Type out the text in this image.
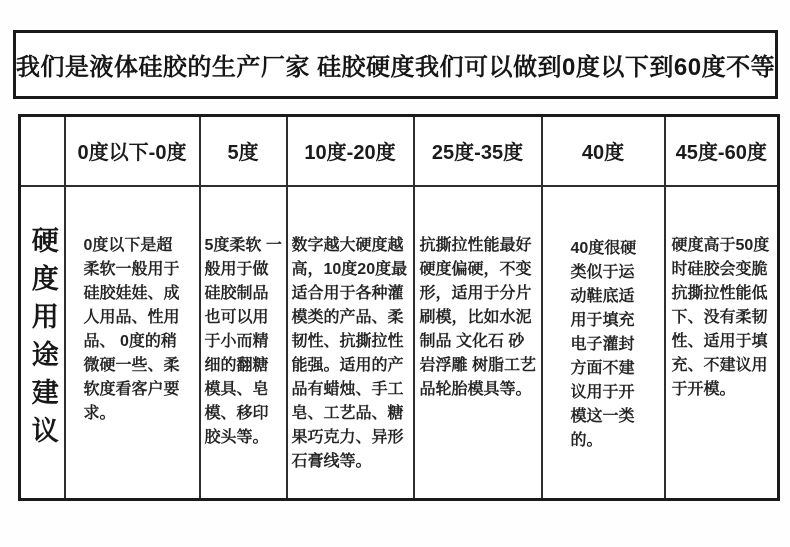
我们是液体硅胶的生产厂家 硅胶硬度我们可以做到0度以下到60度不等
	0度以下-0度	5度	10度-20度	25度-35度	40度	45度-60度
硬度用途建议	0度以下是超柔软一般用于硅胶娃娃、成人用品、性用品、 0度的稍微硬一些、柔软度看客户要求。	5度柔软 一般用于做硅胶制品也可以用于小而精细的翻糖模具、皂模、移印胶头等。	数字越大硬度越高，10度20度最适合用于各种灌模类的产品、柔韧性、抗撕拉性能强。适用的产品有蜡烛、手工皂、工艺品、糖果巧克力、异形石膏线等。	抗撕拉性能最好硬度偏硬，不变形，适用于分片刷模，比如水泥制品 文化石 砂岩浮雕 树脂工艺品轮胎模具等。	40度很硬类似于运动鞋底适用于填充电子灌封方面不建议用于开模这一类的。	硬度高于50度时硅胶会变脆抗撕拉性能低下、没有柔韧性、适用于填充、不建议用于开模。
